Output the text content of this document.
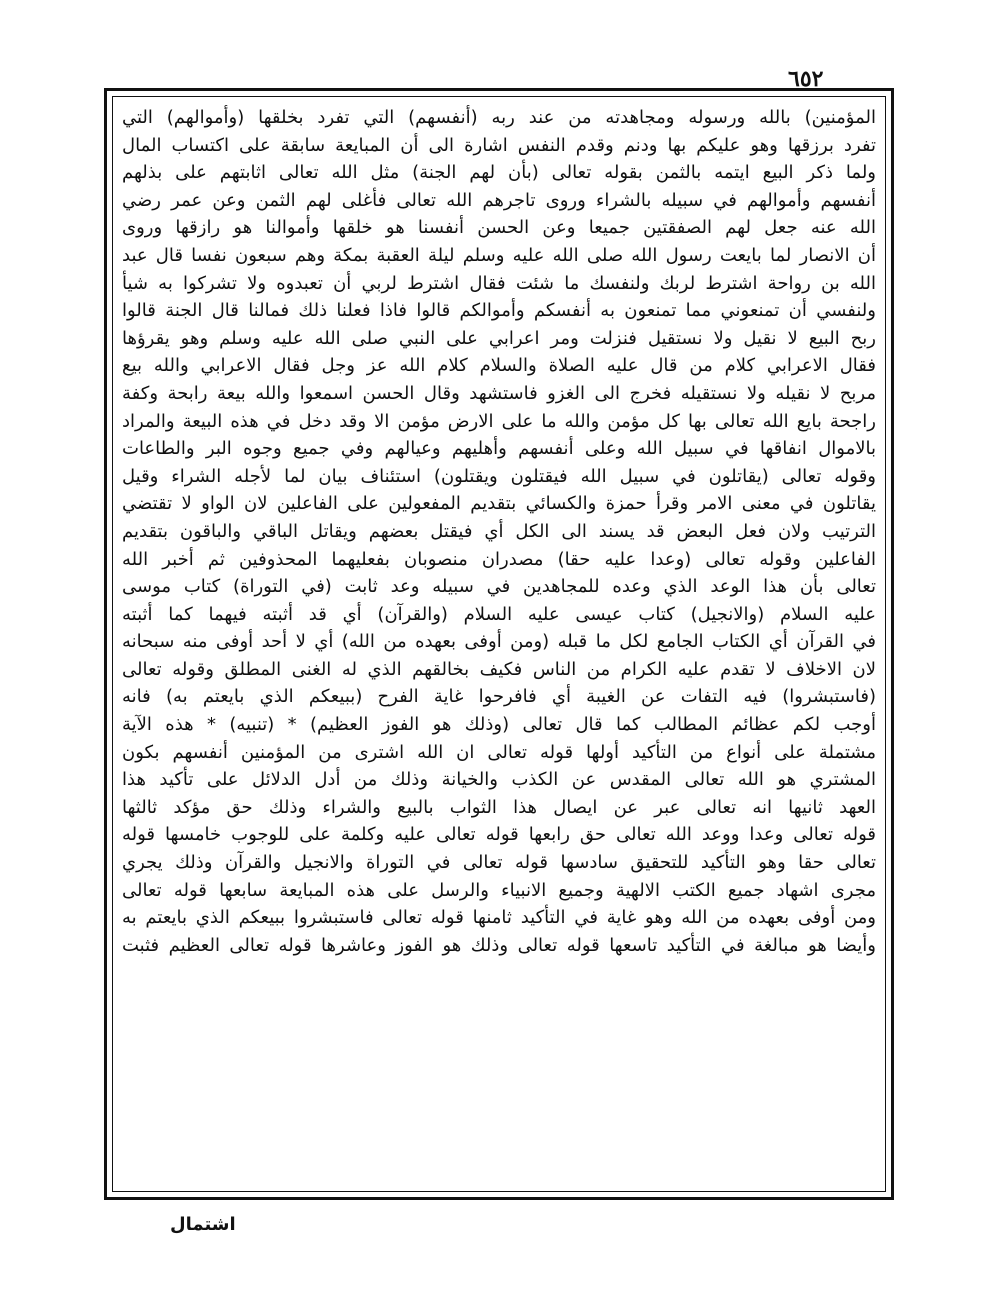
٦٥٢
المؤمنين) بالله ورسوله ومجاهدته من عند ربه (أنفسهم) التي تفرد بخلقها (وأموالهم) التي
تفرد برزقها وهو عليكم بها ودنم وقدم النفس اشارة الى أن المبايعة سابقة على اكتساب المال
ولما ذكر البيع ايتمه بالثمن بقوله تعالى (بأن لهم الجنة) مثل الله تعالى اثابتهم على بذلهم
أنفسهم وأموالهم في سبيله بالشراء وروى تاجرهم الله تعالى فأغلى لهم الثمن وعن عمر رضي
الله عنه جعل لهم الصفقتين جميعا وعن الحسن أنفسنا هو خلقها وأموالنا هو رازقها وروى
أن الانصار لما بايعت رسول الله صلى الله عليه وسلم ليلة العقبة بمكة وهم سبعون نفسا قال عبد
الله بن رواحة اشترط لربك ولنفسك ما شئت فقال اشترط لربي أن تعبدوه ولا تشركوا به شيأ
ولنفسي أن تمنعوني مما تمنعون به أنفسكم وأموالكم قالوا فاذا فعلنا ذلك فمالنا قال الجنة قالوا
ربح البيع لا نقيل ولا نستقيل فنزلت ومر اعرابي على النبي صلى الله عليه وسلم وهو يقرؤها
فقال الاعرابي كلام من قال عليه الصلاة والسلام كلام الله عز وجل فقال الاعرابي والله بيع
مربح لا نقيله ولا نستقيله فخرج الى الغزو فاستشهد وقال الحسن اسمعوا والله بيعة رابحة وكفة
راجحة بايع الله تعالى بها كل مؤمن والله ما على الارض مؤمن الا وقد دخل في هذه البيعة والمراد
بالاموال انفاقها في سبيل الله وعلى أنفسهم وأهليهم وعيالهم وفي جميع وجوه البر والطاعات
وقوله تعالى (يقاتلون في سبيل الله فيقتلون ويقتلون) استئناف بيان لما لأجله الشراء وقيل
يقاتلون في معنى الامر وقرأ حمزة والكسائي بتقديم المفعولين على الفاعلين لان الواو لا تقتضي
الترتيب ولان فعل البعض قد يسند الى الكل أي فيقتل بعضهم ويقاتل الباقي والباقون بتقديم
الفاعلين وقوله تعالى (وعدا عليه حقا) مصدران منصوبان بفعليهما المحذوفين ثم أخبر الله
تعالى بأن هذا الوعد الذي وعده للمجاهدين في سبيله وعد ثابت (في التوراة) كتاب موسى
عليه السلام (والانجيل) كتاب عيسى عليه السلام (والقرآن) أي قد أثبته فيهما كما أثبته
في القرآن أي الكتاب الجامع لكل ما قبله (ومن أوفى بعهده من الله) أي لا أحد أوفى منه سبحانه
لان الاخلاف لا تقدم عليه الكرام من الناس فكيف بخالقهم الذي له الغنى المطلق وقوله تعالى
(فاستبشروا) فيه التفات عن الغيبة أي فافرحوا غاية الفرح (ببيعكم الذي بايعتم به) فانه
أوجب لكم عظائم المطالب كما قال تعالى (وذلك هو الفوز العظيم) * (تنبيه) * هذه الآية
مشتملة على أنواع من التأكيد أولها قوله تعالى ان الله اشترى من المؤمنين أنفسهم بكون
المشتري هو الله تعالى المقدس عن الكذب والخيانة وذلك من أدل الدلائل على تأكيد هذا
العهد ثانيها انه تعالى عبر عن ايصال هذا الثواب بالبيع والشراء وذلك حق مؤكد ثالثها
قوله تعالى وعدا ووعد الله تعالى حق رابعها قوله تعالى عليه وكلمة على للوجوب خامسها قوله
تعالى حقا وهو التأكيد للتحقيق سادسها قوله تعالى في التوراة والانجيل والقرآن وذلك يجري
مجرى اشهاد جميع الكتب الالهية وجميع الانبياء والرسل على هذه المبايعة سابعها قوله تعالى
ومن أوفى بعهده من الله وهو غاية في التأكيد ثامنها قوله تعالى فاستبشروا ببيعكم الذي بايعتم به
وأيضا هو مبالغة في التأكيد تاسعها قوله تعالى وذلك هو الفوز وعاشرها قوله تعالى العظيم فثبت
اشتمال
